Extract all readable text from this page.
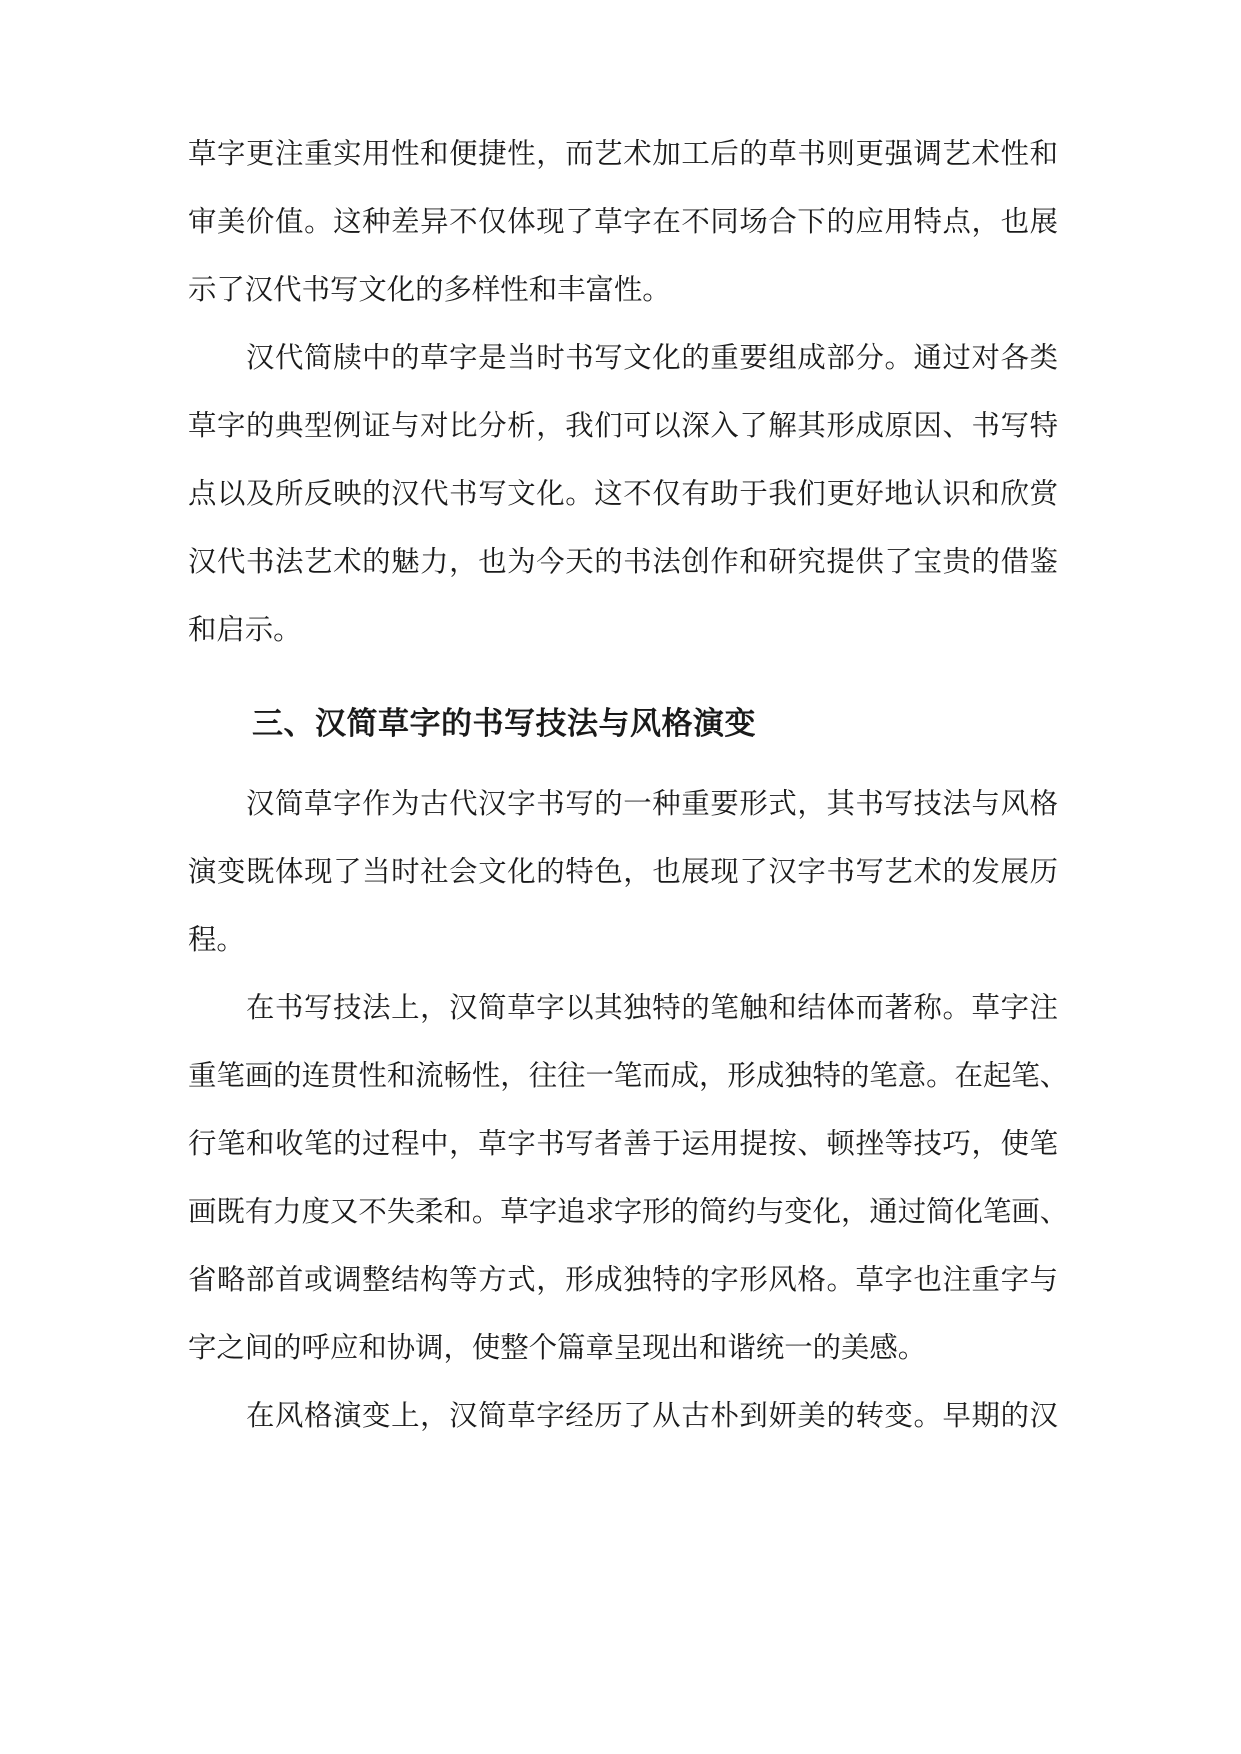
草字更注重实用性和便捷性，而艺术加工后的草书则更强调艺术性和
审美价值。这种差异不仅体现了草字在不同场合下的应用特点，也展
示了汉代书写文化的多样性和丰富性。
汉代简牍中的草字是当时书写文化的重要组成部分。通过对各类
草字的典型例证与对比分析，我们可以深入了解其形成原因、书写特
点以及所反映的汉代书写文化。这不仅有助于我们更好地认识和欣赏
汉代书法艺术的魅力，也为今天的书法创作和研究提供了宝贵的借鉴
和启示。
三、汉简草字的书写技法与风格演变
汉简草字作为古代汉字书写的一种重要形式，其书写技法与风格
演变既体现了当时社会文化的特色，也展现了汉字书写艺术的发展历
程。
在书写技法上，汉简草字以其独特的笔触和结体而著称。草字注
重笔画的连贯性和流畅性，往往一笔而成，形成独特的笔意。在起笔、
行笔和收笔的过程中，草字书写者善于运用提按、顿挫等技巧，使笔
画既有力度又不失柔和。草字追求字形的简约与变化，通过简化笔画、
省略部首或调整结构等方式，形成独特的字形风格。草字也注重字与
字之间的呼应和协调，使整个篇章呈现出和谐统一的美感。
在风格演变上，汉简草字经历了从古朴到妍美的转变。早期的汉
